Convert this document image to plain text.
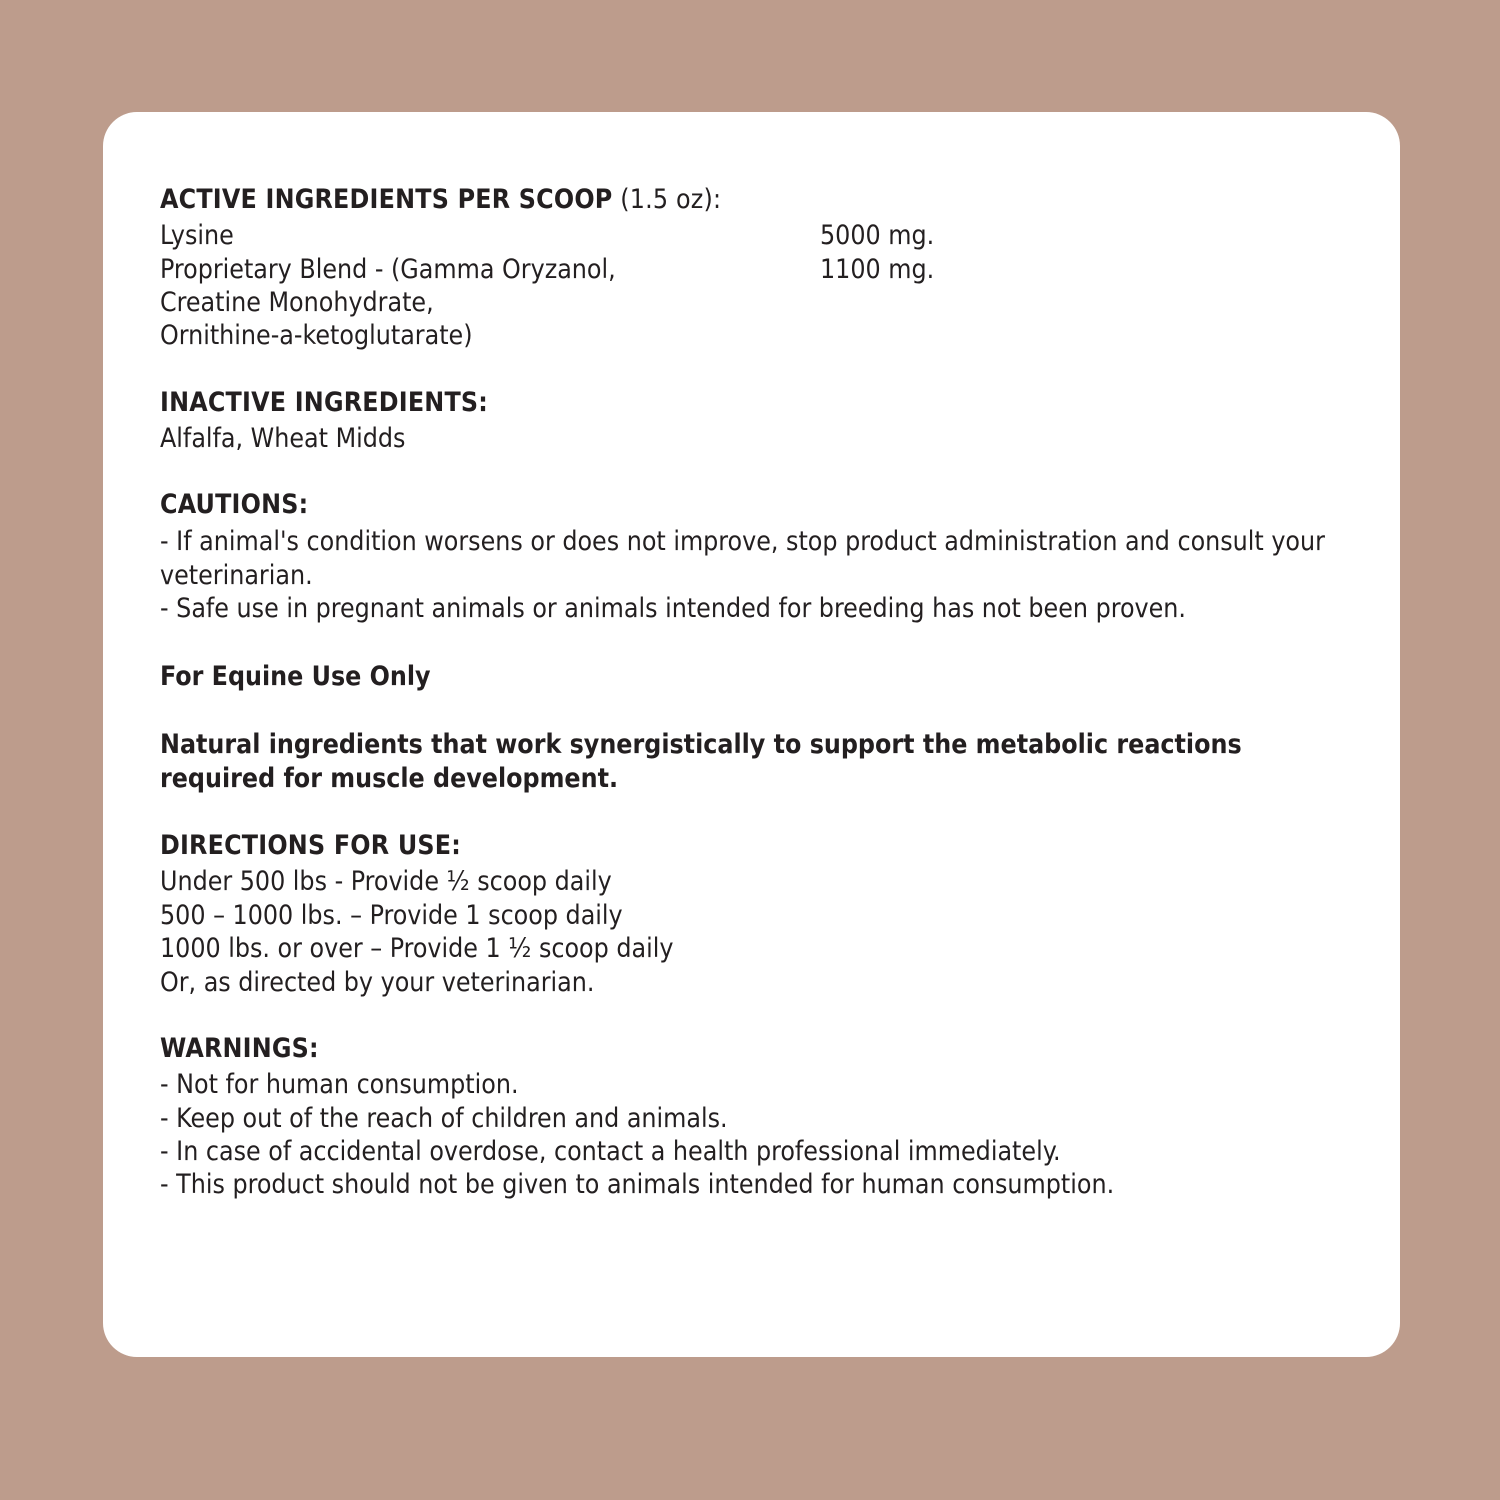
ACTIVE INGREDIENTS PER SCOOP (1.5 oz):
Lysine	5000 mg.
Proprietary Blend - (Gamma Oryzanol,	1100 mg.
Creatine Monohydrate,	
Ornithine-a-ketoglutarate)	
INACTIVE INGREDIENTS:

Alfalfa, Wheat Midds

CAUTIONS:

- If animal's condition worsens or does not improve, stop product administration and consult your veterinarian.

- Safe use in pregnant animals or animals intended for breeding has not been proven.

For Equine Use Only

Natural ingredients that work synergistically to support the metabolic reactions required for muscle development.

DIRECTIONS FOR USE:

Under 500 lbs - Provide ½ scoop daily

500 – 1000 lbs. – Provide 1 scoop daily

1000 lbs. or over – Provide 1 ½ scoop daily

Or, as directed by your veterinarian.

WARNINGS:

- Not for human consumption.

- Keep out of the reach of children and animals.

- In case of accidental overdose, contact a health professional immediately.

- This product should not be given to animals intended for human consumption.
